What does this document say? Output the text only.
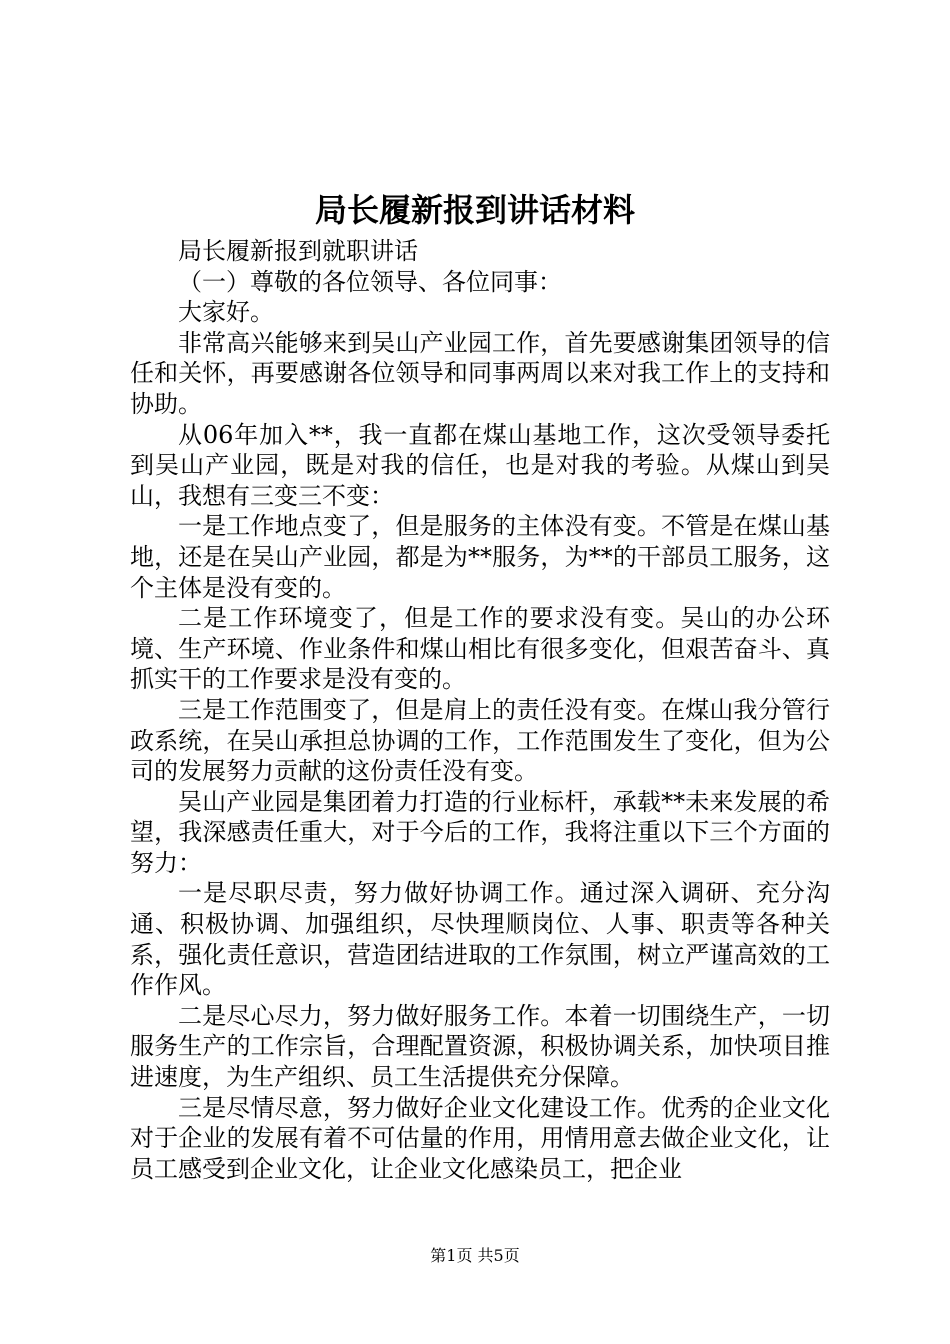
局长履新报到讲话材料

局长履新报到就职讲话

（一）尊敬的各位领导、各位同事：

大家好。

非常高兴能够来到吴山产业园工作，首先要感谢集团领导的信任和关怀，再要感谢各位领导和同事两周以来对我工作上的支持和协助。

从06年加入**，我一直都在煤山基地工作，这次受领导委托到吴山产业园，既是对我的信任，也是对我的考验。从煤山到吴山，我想有三变三不变：

一是工作地点变了，但是服务的主体没有变。不管是在煤山基地，还是在吴山产业园，都是为**服务，为**的干部员工服务，这个主体是没有变的。

二是工作环境变了，但是工作的要求没有变。吴山的办公环境、生产环境、作业条件和煤山相比有很多变化，但艰苦奋斗、真抓实干的工作要求是没有变的。

三是工作范围变了，但是肩上的责任没有变。在煤山我分管行政系统，在吴山承担总协调的工作，工作范围发生了变化，但为公司的发展努力贡献的这份责任没有变。

吴山产业园是集团着力打造的行业标杆，承载**未来发展的希望，我深感责任重大，对于今后的工作，我将注重以下三个方面的努力：

一是尽职尽责，努力做好协调工作。通过深入调研、充分沟通、积极协调、加强组织，尽快理顺岗位、人事、职责等各种关系，强化责任意识，营造团结进取的工作氛围，树立严谨高效的工作作风。

二是尽心尽力，努力做好服务工作。本着一切围绕生产，一切服务生产的工作宗旨，合理配置资源，积极协调关系，加快项目推进速度，为生产组织、员工生活提供充分保障。

三是尽情尽意，努力做好企业文化建设工作。优秀的企业文化对于企业的发展有着不可估量的作用，用情用意去做企业文化，让员工感受到企业文化，让企业文化感染员工，把企业

第1页 共5页
